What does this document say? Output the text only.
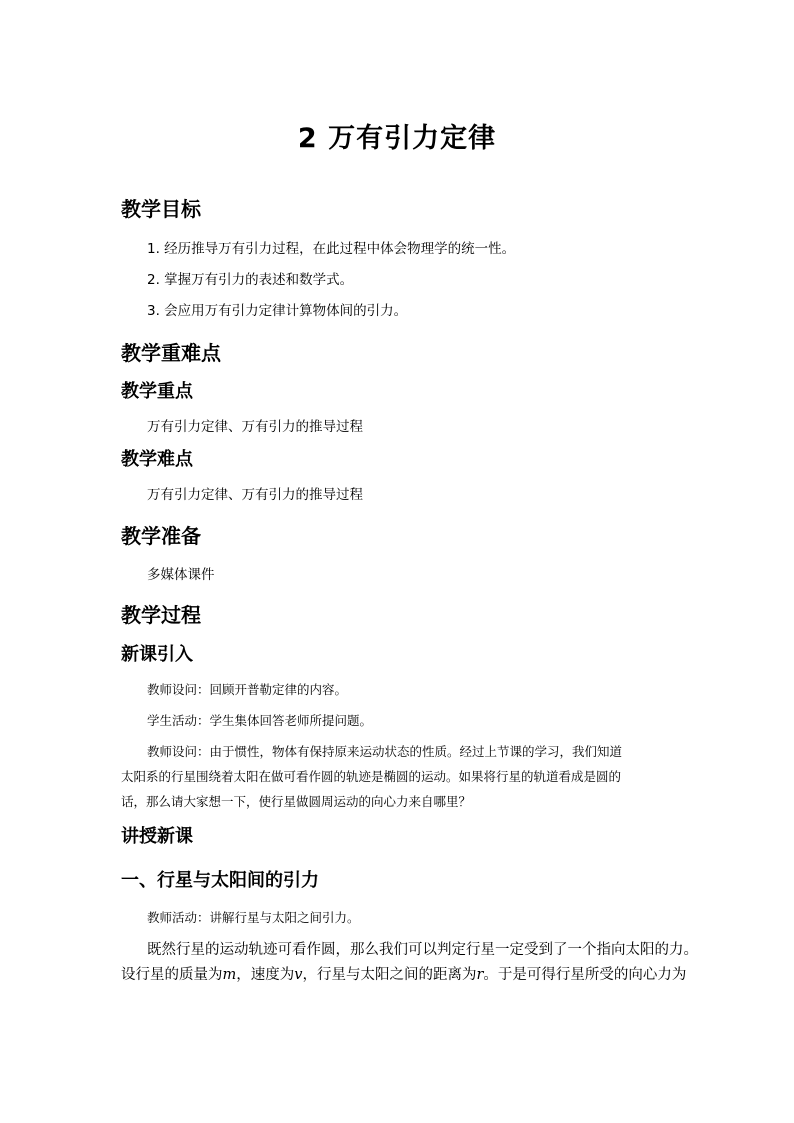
2 万有引力定律
教学目标
1. 经历推导万有引力过程，在此过程中体会物理学的统一性。
2. 掌握万有引力的表述和数学式。
3. 会应用万有引力定律计算物体间的引力。
教学重难点
教学重点
万有引力定律、万有引力的推导过程
教学难点
万有引力定律、万有引力的推导过程
教学准备
多媒体课件
教学过程
新课引入
教师设问：回顾开普勒定律的内容。
学生活动：学生集体回答老师所提问题。
教师设问：由于惯性，物体有保持原来运动状态的性质。经过上节课的学习，我们知道
太阳系的行星围绕着太阳在做可看作圆的轨迹是椭圆的运动。如果将行星的轨道看成是圆的
话，那么请大家想一下，使行星做圆周运动的向心力来自哪里？
讲授新课
一、行星与太阳间的引力
教师活动：讲解行星与太阳之间引力。
既然行星的运动轨迹可看作圆，那么我们可以判定行星一定受到了一个指向太阳的力。
设行星的质量为m，速度为v，行星与太阳之间的距离为r。于是可得行星所受的向心力为
